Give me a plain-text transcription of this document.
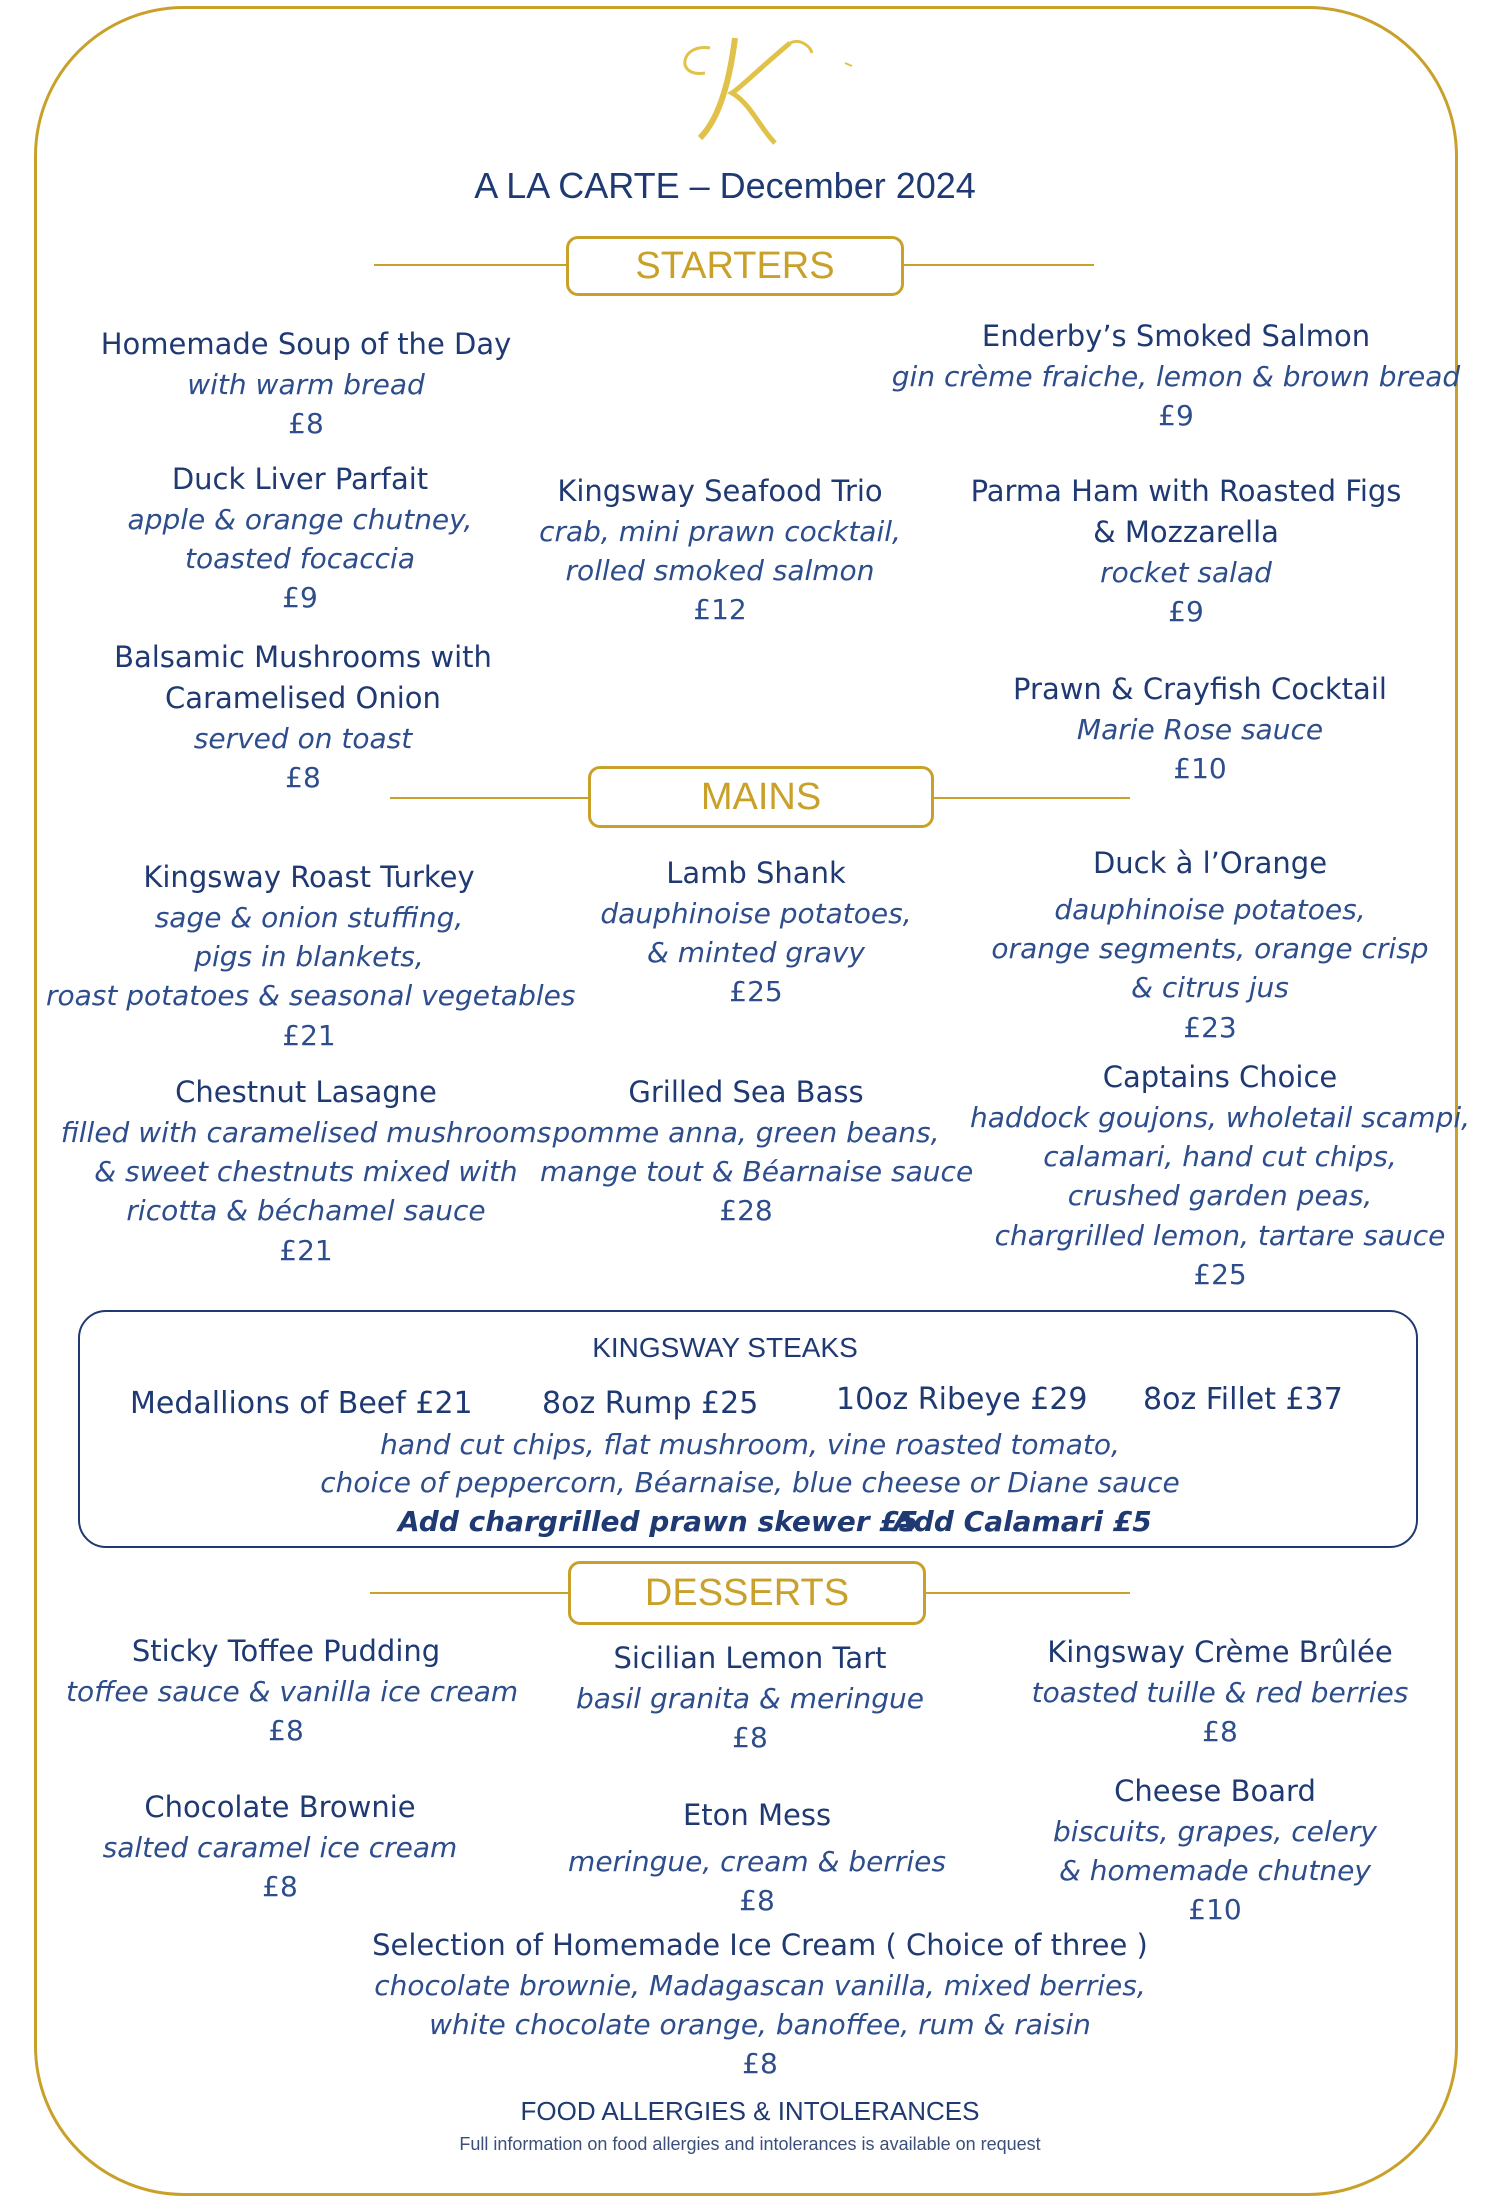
A LA CARTE – December 2024
STARTERS
Homemade Soup of the Day
with warm bread
£8
Enderby’s Smoked Salmon
gin crème fraiche, lemon & brown bread
£9
Duck Liver Parfait
apple & orange chutney,
toasted focaccia
£9
Kingsway Seafood Trio
crab, mini prawn cocktail,
rolled smoked salmon
£12
Parma Ham with Roasted Figs
& Mozzarella
rocket salad
£9
Balsamic Mushrooms with
Caramelised Onion
served on toast
£8
Prawn & Crayfish Cocktail
Marie Rose sauce
£10
MAINS
Kingsway Roast Turkey
sage & onion stuffing,
pigs in blankets,
roast potatoes & seasonal vegetables
£21
Lamb Shank
dauphinoise potatoes,
& minted gravy
£25
Duck à l’Orange
dauphinoise potatoes,
orange segments, orange crisp
& citrus jus
£23
Chestnut Lasagne
filled with caramelised mushrooms
& sweet chestnuts mixed with
ricotta & béchamel sauce
£21
Grilled Sea Bass
pomme anna, green beans,
mange tout & Béarnaise sauce
£28
Captains Choice
haddock goujons, wholetail scampi,
calamari, hand cut chips,
crushed garden peas,
chargrilled lemon, tartare sauce
£25
KINGSWAY STEAKS
Medallions of Beef £21 8oz Rump £25	10oz Ribeye £29 8oz Fillet £37
hand cut chips, flat mushroom, vine roasted tomato,
choice of peppercorn, Béarnaise, blue cheese or Diane sauce
Add chargrilled prawn skewer £5
Add Calamari £5
DESSERTS
Sticky Toffee Pudding
toffee sauce & vanilla ice cream
£8
Sicilian Lemon Tart
basil granita & meringue
£8
Kingsway Crème Brûlée
toasted tuille & red berries
£8
Chocolate Brownie
salted caramel ice cream
£8
Eton Mess
meringue, cream & berries
£8
Cheese Board
biscuits, grapes, celery
& homemade chutney
£10
Selection of Homemade Ice Cream ( Choice of three )
chocolate brownie, Madagascan vanilla, mixed berries,
white chocolate orange, banoffee, rum & raisin
£8
FOOD ALLERGIES & INTOLERANCES
Full information on food allergies and intolerances is available on request
